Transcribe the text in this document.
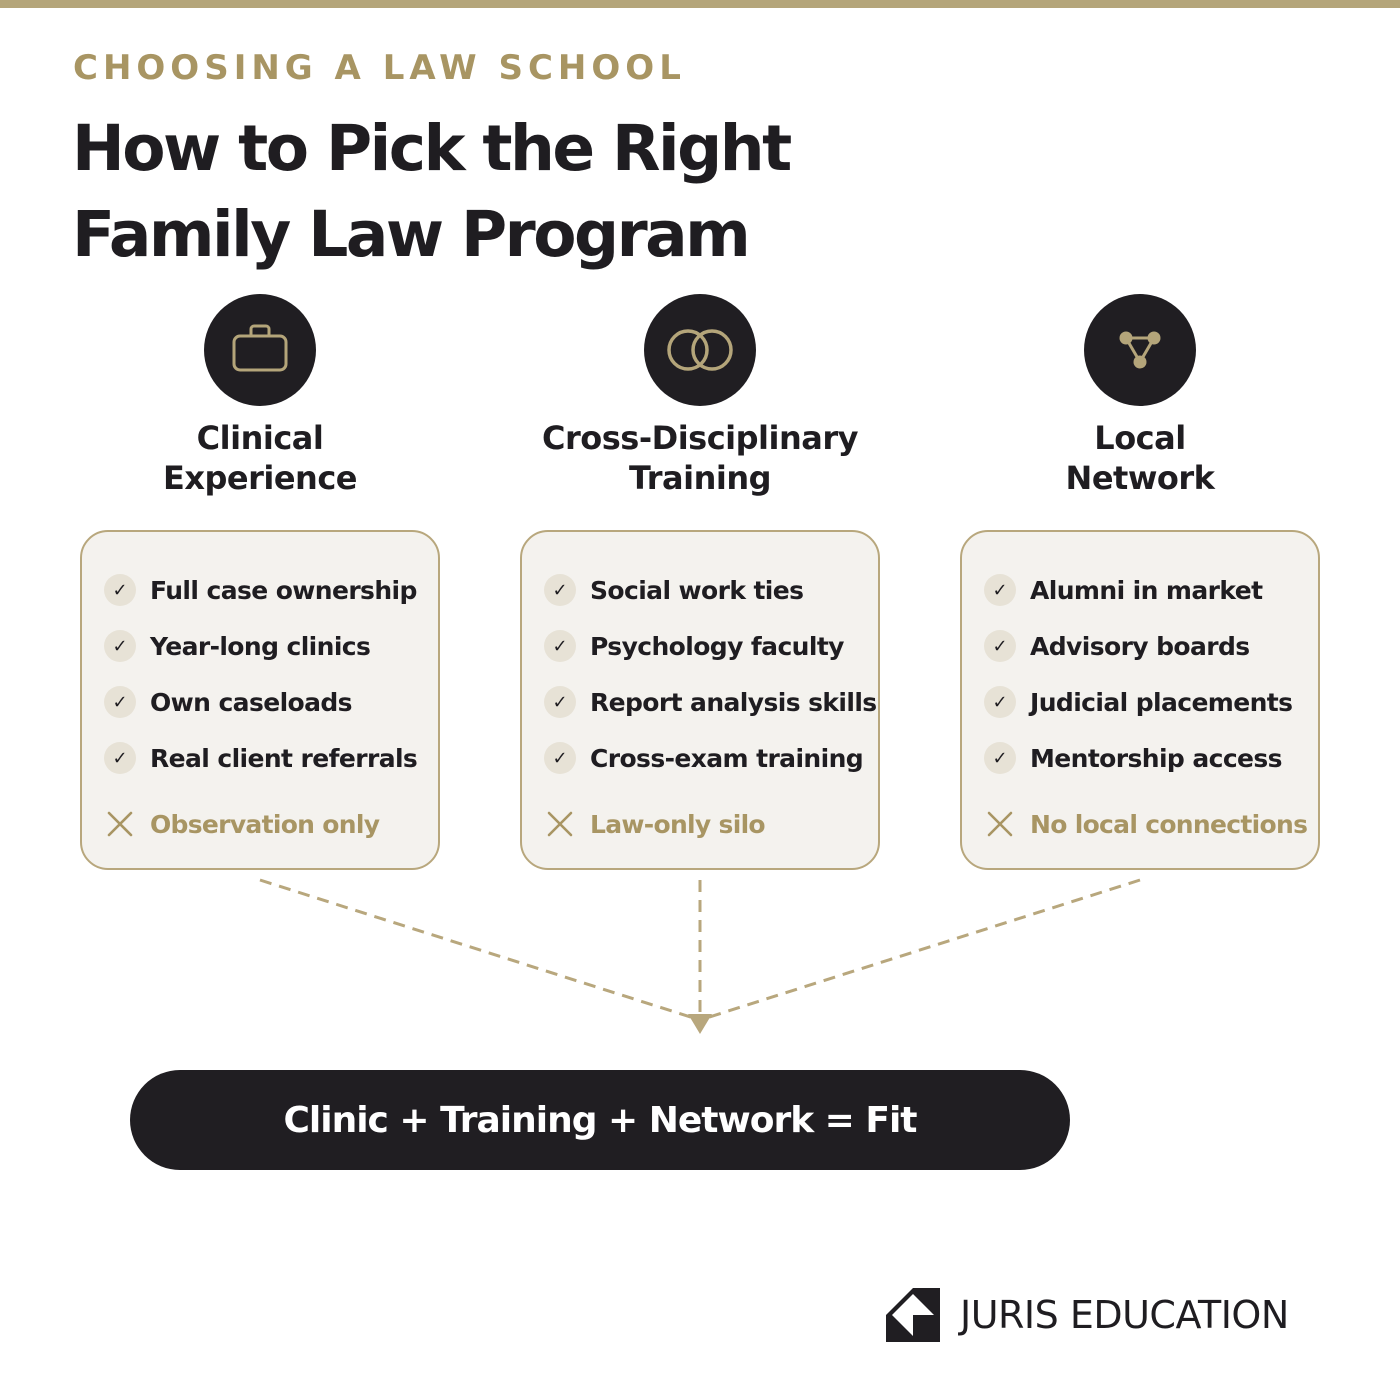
CHOOSING A LAW SCHOOL
How to Pick the Right
Family Law Program
Clinical
Experience
✓ Full case ownership
✓ Year-long clinics
✓ Own caseloads
✓ Real client referrals
Observation only
Cross-Disciplinary
Training
✓ Social work ties
✓ Psychology faculty
✓ Report analysis skills
✓ Cross-exam training
Law-only silo
Local
Network
✓ Alumni in market
✓ Advisory boards
✓ Judicial placements
✓ Mentorship access
No local connections
Clinic + Training + Network = Fit
JURIS EDUCATION
